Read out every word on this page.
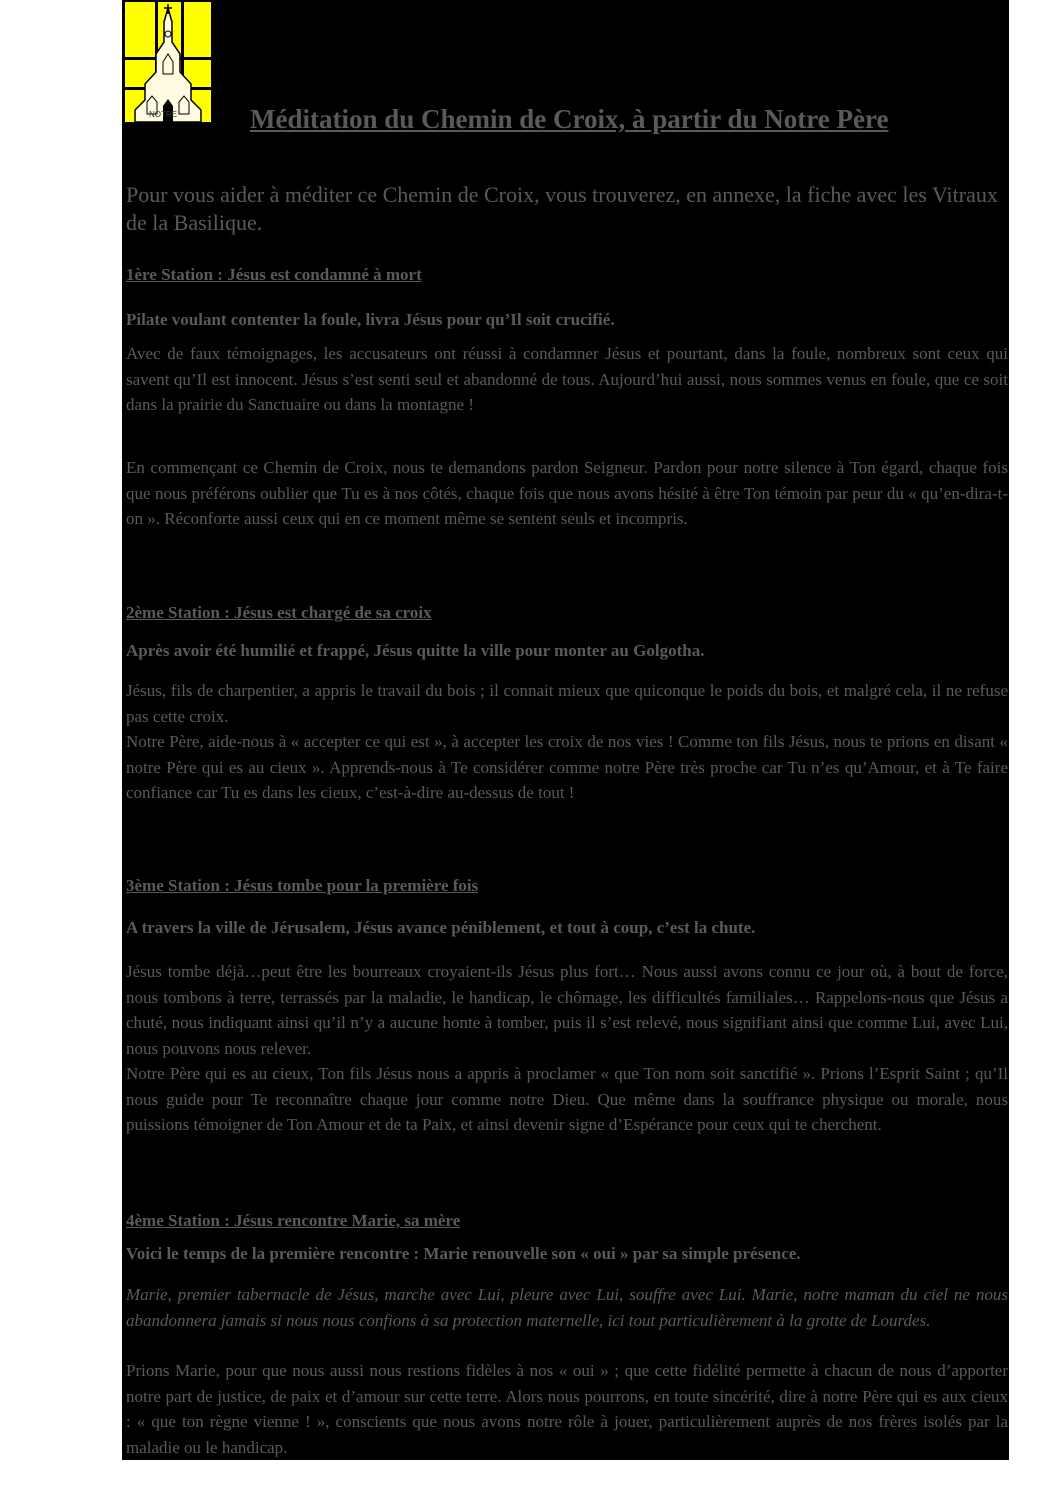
NOTRE	Méditation du Chemin de Croix, à partir du Notre Père

Pour vous aider à méditer ce Chemin de Croix, vous trouverez, en annexe, la fiche avec les Vitraux de la Basilique.

1ère Station : Jésus est condamné à mort

Pilate voulant contenter la foule, livra Jésus pour qu’Il soit crucifié.

Avec de faux témoignages, les accusateurs ont réussi à condamner Jésus et pourtant, dans la foule, nombreux sont ceux qui savent qu’Il est innocent. Jésus s’est senti seul et abandonné de tous. Aujourd’hui aussi, nous sommes venus en foule, que ce soit dans la prairie du Sanctuaire ou dans la montagne !

En commençant ce Chemin de Croix, nous te demandons pardon Seigneur. Pardon pour notre silence à Ton égard, chaque fois que nous préférons oublier que Tu es à nos côtés, chaque fois que nous avons hésité à être Ton témoin par peur du « qu’en-dira-t-on ». Réconforte aussi ceux qui en ce moment même se sentent seuls et incompris.

2ème Station : Jésus est chargé de sa croix

Après avoir été humilié et frappé, Jésus quitte la ville pour monter au Golgotha.

Jésus, fils de charpentier, a appris le travail du bois ; il connait mieux que quiconque le poids du bois, et malgré cela, il ne refuse pas cette croix.

Notre Père, aide-nous à « accepter ce qui est », à accepter les croix de nos vies ! Comme ton fils Jésus, nous te prions en disant « notre Père qui es au cieux ». Apprends-nous à Te considérer comme notre Père très proche car Tu n’es qu’Amour, et à Te faire confiance car Tu es dans les cieux, c’est-à-dire au-dessus de tout !

3ème Station : Jésus tombe pour la première fois

A travers la ville de Jérusalem, Jésus avance péniblement, et tout à coup, c’est la chute.

Jésus tombe déjà…peut être les bourreaux croyaient-ils Jésus plus fort… Nous aussi avons connu ce jour où, à bout de force, nous tombons à terre, terrassés par la maladie, le handicap, le chômage, les difficultés familiales… Rappelons-nous que Jésus a chuté, nous indiquant ainsi qu’il n’y a aucune honte à tomber, puis il s’est relevé, nous signifiant ainsi que comme Lui, avec Lui, nous pouvons nous relever.

Notre Père qui es au cieux, Ton fils Jésus nous a appris à proclamer « que Ton nom soit sanctifié ». Prions l’Esprit Saint ; qu’Il nous guide pour Te reconnaître chaque jour comme notre Dieu. Que même dans la souffrance physique ou morale, nous puissions témoigner de Ton Amour et de ta Paix, et ainsi devenir signe d’Espérance pour ceux qui te cherchent.

4ème Station : Jésus rencontre Marie, sa mère

Voici le temps de la première rencontre : Marie renouvelle son « oui » par sa simple présence.

Marie, premier tabernacle de Jésus, marche avec Lui, pleure avec Lui, souffre avec Lui. Marie, notre maman du ciel ne nous abandonnera jamais si nous nous confions à sa protection maternelle, ici tout particulièrement à la grotte de Lourdes.

Prions Marie, pour que nous aussi nous restions fidèles à nos « oui » ; que cette fidélité permette à chacun de nous d’apporter notre part de justice, de paix et d’amour sur cette terre. Alors nous pourrons, en toute sincérité, dire à notre Père qui es aux cieux : « que ton règne vienne ! », conscients que nous avons notre rôle à jouer, particulièrement auprès de nos frères isolés par la maladie ou le handicap.
